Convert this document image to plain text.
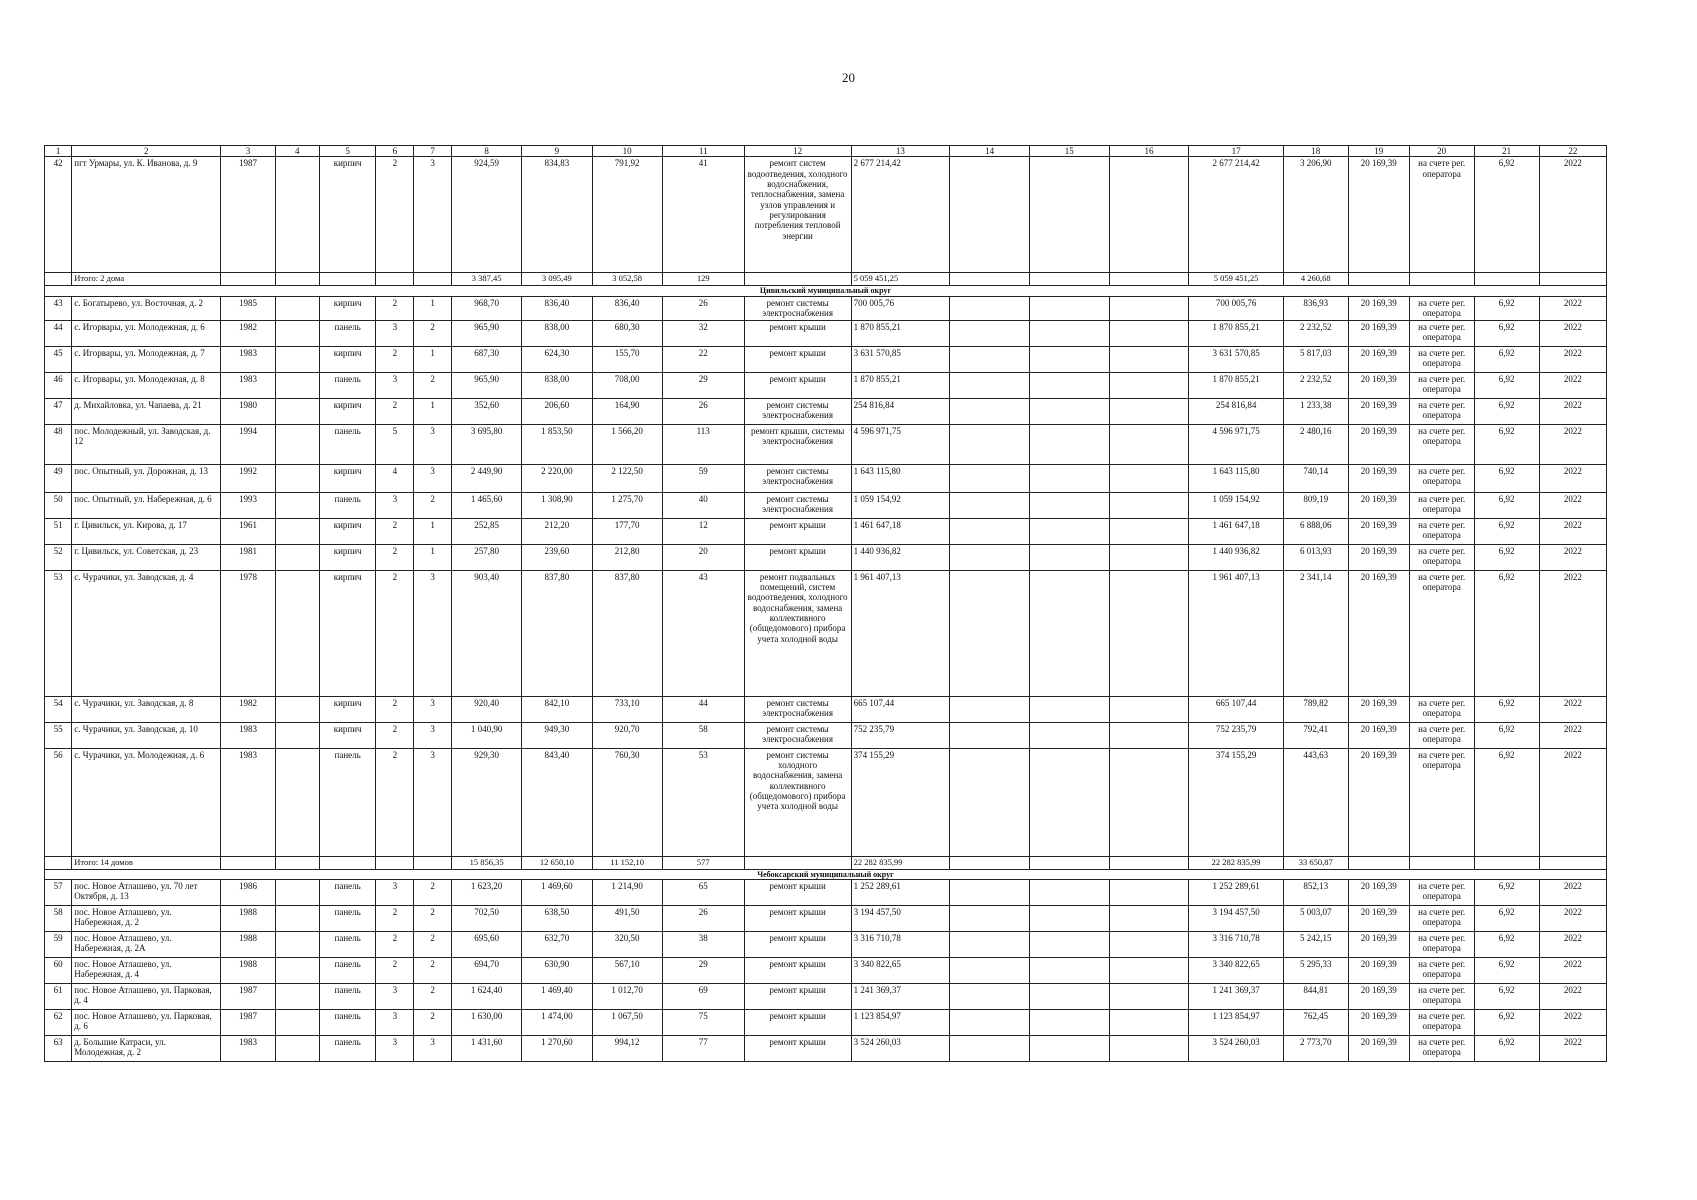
20
1	2	3	4	5	6	7	8	9	10	11	12	13	14	15	16	17	18	19	20	21	22
42	пгт Урмары, ул. К. Иванова, д. 9	1987		кирпич	2	3	924,59	834,83	791,92	41	ремонт систем водоотведения, холодного водоснабжения, теплоснабжения, замена узлов управления и регулирования потребления тепловой энергии	2 677 214,42				2 677 214,42	3 206,90	20 169,39	на счете рег. оператора	6,92	2022
	Итого: 2 дома						3 387,45	3 095,49	3 052,58	129		5 059 451,25				5 059 451,25	4 260,68				
Цивильский муниципальный округ																					
43	с. Богатырево, ул. Восточная, д. 2	1985		кирпич	2	1	968,70	836,40	836,40	26	ремонт системы электроснабжения	700 005,76				700 005,76	836,93	20 169,39	на счете рег. оператора	6,92	2022
44	с. Игорвары, ул. Молодежная, д. 6	1982		панель	3	2	965,90	838,00	680,30	32	ремонт крыши	1 870 855,21				1 870 855,21	2 232,52	20 169,39	на счете рег. оператора	6,92	2022
45	с. Игорвары, ул. Молодежная, д. 7	1983		кирпич	2	1	687,30	624,30	155,70	22	ремонт крыши	3 631 570,85				3 631 570,85	5 817,03	20 169,39	на счете рег. оператора	6,92	2022
46	с. Игорвары, ул. Молодежная, д. 8	1983		панель	3	2	965,90	838,00	708,00	29	ремонт крыши	1 870 855,21				1 870 855,21	2 232,52	20 169,39	на счете рег. оператора	6,92	2022
47	д. Михайловка, ул. Чапаева, д. 21	1980		кирпич	2	1	352,60	206,60	164,90	26	ремонт системы электроснабжения	254 816,84				254 816,84	1 233,38	20 169,39	на счете рег. оператора	6,92	2022
48	пос. Молодежный, ул. Заводская, д. 12	1994		панель	5	3	3 695,80	1 853,50	1 566,20	113	ремонт крыши, системы электроснабжения	4 596 971,75				4 596 971,75	2 480,16	20 169,39	на счете рег. оператора	6,92	2022
49	пос. Опытный, ул. Дорожная, д. 13	1992		кирпич	4	3	2 449,90	2 220,00	2 122,50	59	ремонт системы электроснабжения	1 643 115,80				1 643 115,80	740,14	20 169,39	на счете рег. оператора	6,92	2022
50	пос. Опытный, ул. Набережная, д. 6	1993		панель	3	2	1 465,60	1 308,90	1 275,70	40	ремонт системы электроснабжения	1 059 154,92				1 059 154,92	809,19	20 169,39	на счете рег. оператора	6,92	2022
51	г. Цивильск, ул. Кирова, д. 17	1961		кирпич	2	1	252,85	212,20	177,70	12	ремонт крыши	1 461 647,18				1 461 647,18	6 888,06	20 169,39	на счете рег. оператора	6,92	2022
52	г. Цивильск, ул. Советская, д. 23	1981		кирпич	2	1	257,80	239,60	212,80	20	ремонт крыши	1 440 936,82				1 440 936,82	6 013,93	20 169,39	на счете рег. оператора	6,92	2022
53	с. Чурачики, ул. Заводская, д. 4	1978		кирпич	2	3	903,40	837,80	837,80	43	ремонт подвальных помещений, систем водоотведения, холодного водоснабжения, замена коллективного (общедомового) прибора учета холодной воды	1 961 407,13				1 961 407,13	2 341,14	20 169,39	на счете рег. оператора	6,92	2022
54	с. Чурачики, ул. Заводская, д. 8	1982		кирпич	2	3	920,40	842,10	733,10	44	ремонт системы электроснабжения	665 107,44				665 107,44	789,82	20 169,39	на счете рег. оператора	6,92	2022
55	с. Чурачики, ул. Заводская, д. 10	1983		кирпич	2	3	1 040,90	949,30	920,70	58	ремонт системы электроснабжения	752 235,79				752 235,79	792,41	20 169,39	на счете рег. оператора	6,92	2022
56	с. Чурачики, ул. Молодежная, д. 6	1983		панель	2	3	929,30	843,40	760,30	53	ремонт системы холодного водоснабжения, замена коллективного (общедомового) прибора учета холодной воды	374 155,29				374 155,29	443,63	20 169,39	на счете рег. оператора	6,92	2022
	Итого: 14 домов						15 856,35	12 650,10	11 152,10	577		22 282 835,99				22 282 835,99	33 650,87				
Чебоксарский муниципальный округ																					
57	пос. Новое Атлашево, ул. 70 лет Октября, д. 13	1986		панель	3	2	1 623,20	1 469,60	1 214,90	65	ремонт крыши	1 252 289,61				1 252 289,61	852,13	20 169,39	на счете рег. оператора	6,92	2022
58	пос. Новое Атлашево, ул. Набережная, д. 2	1988		панель	2	2	702,50	638,50	491,50	26	ремонт крыши	3 194 457,50				3 194 457,50	5 003,07	20 169,39	на счете рег. оператора	6,92	2022
59	пос. Новое Атлашево, ул. Набережная, д. 2А	1988		панель	2	2	695,60	632,70	320,50	38	ремонт крыши	3 316 710,78				3 316 710,78	5 242,15	20 169,39	на счете рег. оператора	6,92	2022
60	пос. Новое Атлашево, ул. Набережная, д. 4	1988		панель	2	2	694,70	630,90	567,10	29	ремонт крыши	3 340 822,65				3 340 822,65	5 295,33	20 169,39	на счете рег. оператора	6,92	2022
61	пос. Новое Атлашево, ул. Парковая, д. 4	1987		панель	3	2	1 624,40	1 469,40	1 012,70	69	ремонт крыши	1 241 369,37				1 241 369,37	844,81	20 169,39	на счете рег. оператора	6,92	2022
62	пос. Новое Атлашево, ул. Парковая, д. 6	1987		панель	3	2	1 630,00	1 474,00	1 067,50	75	ремонт крыши	1 123 854,97				1 123 854,97	762,45	20 169,39	на счете рег. оператора	6,92	2022
63	д. Большие Катраси, ул. Молодежная, д. 2	1983		панель	3	3	1 431,60	1 270,60	994,12	77	ремонт крыши	3 524 260,03				3 524 260,03	2 773,70	20 169,39	на счете рег. оператора	6,92	2022
